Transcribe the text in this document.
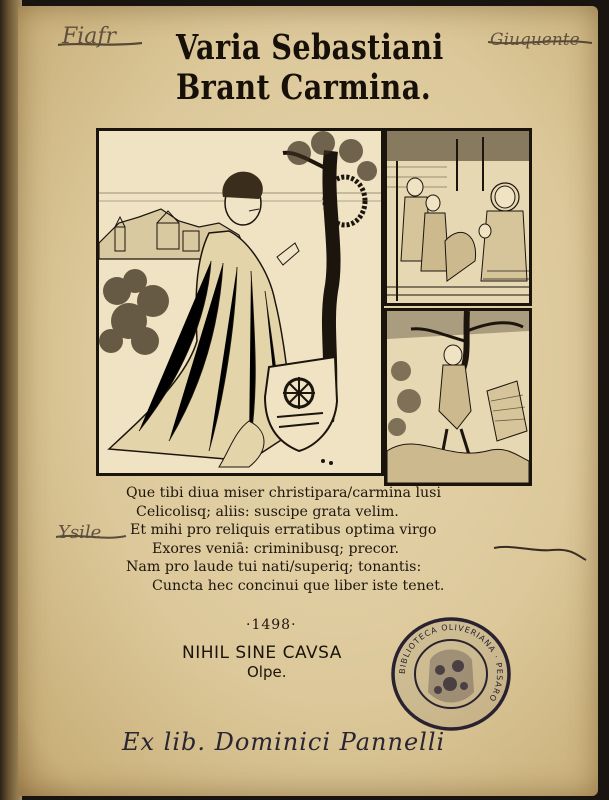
Fiafr	Giuquente
Ysile
Varia Sebastiani
Brant Carmina.
Que tibi diua miser christipara/carmina lusi
Celicolisq; aliis: suscipe grata velim.
Et mihi pro reliquis erratibus optima virgo
Exores veniā: criminibusq; precor.
Nam pro laude tui nati/superiq; tonantis:
Cuncta hec concinui que liber iste tenet.
·1498·
NIHIL SINE CAVSA
Olpe.	BIBLIOTECA OLIVERIANA · PESARO
Ex lib. Dominici Pannelli
